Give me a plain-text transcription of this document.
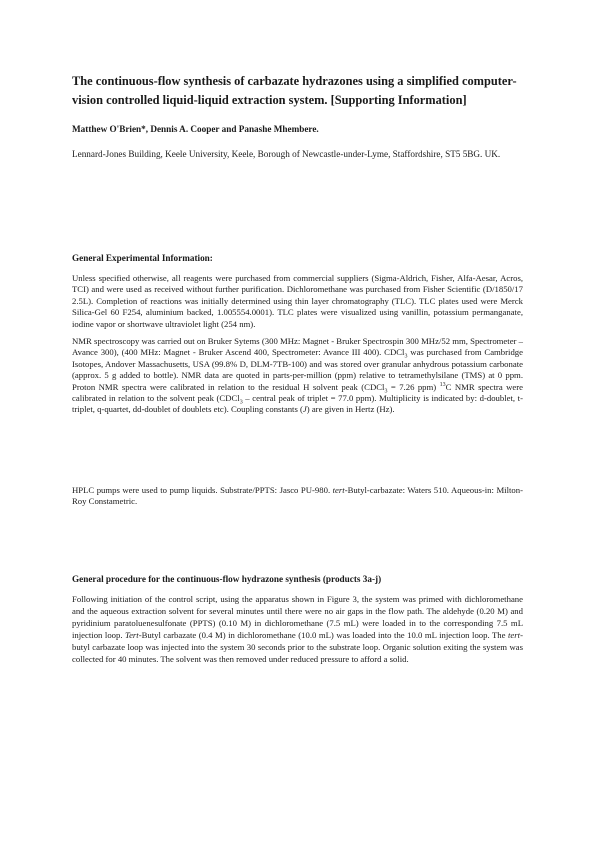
The continuous-flow synthesis of carbazate hydrazones using a simplified computer-vision controlled liquid-liquid extraction system. [Supporting Information]

Matthew O'Brien*, Dennis A. Cooper and Panashe Mhembere.
Lennard-Jones Building, Keele University, Keele, Borough of Newcastle-under-Lyme, Staffordshire, ST5 5BG. UK.
General Experimental Information:
Unless specified otherwise, all reagents were purchased from commercial suppliers (Sigma-Aldrich, Fisher, Alfa-Aesar, Acros, TCI) and were used as received without further purification. Dichloromethane was purchased from Fisher Scientific (D/1850/17 2.5L). Completion of reactions was initially determined using thin layer chromatography (TLC). TLC plates used were Merck Silica-Gel 60 F254, aluminium backed, 1.005554.0001). TLC plates were visualized using vanillin, potassium permanganate, iodine vapor or shortwave ultraviolet light (254 nm).
NMR spectroscopy was carried out on Bruker Sytems (300 MHz: Magnet - Bruker Spectrospin 300 MHz/52 mm, Spectrometer – Avance 300), (400 MHz: Magnet - Bruker Ascend 400, Spectrometer: Avance III 400). CDCl$_3$ was purchased from Cambridge Isotopes, Andover Massachusetts, USA (99.8% D, DLM-7TB-100) and was stored over granular anhydrous potassium carbonate (approx. 5 g added to bottle). NMR data are quoted in parts-per-million (ppm) relative to tetramethylsilane (TMS) at 0 ppm. Proton NMR spectra were calibrated in relation to the residual H solvent peak (CDCl$_3$ = 7.26 ppm) $^{13}$C NMR spectra were calibrated in relation to the solvent peak (CDCl$_3$ – central peak of triplet = 77.0 ppm). Multiplicity is indicated by: d-doublet, t-triplet, q-quartet, dd-doublet of doublets etc). Coupling constants (J) are given in Hertz (Hz).
HPLC pumps were used to pump liquids. Substrate/PPTS: Jasco PU-980. tert-Butyl-carbazate: Waters 510. Aqueous-in: Milton-Roy Constametric.
General procedure for the continuous-flow hydrazone synthesis (products 3a-j)
Following initiation of the control script, using the apparatus shown in Figure 3, the system was primed with dichloromethane and the aqueous extraction solvent for several minutes until there were no air gaps in the flow path. The aldehyde (0.20 M) and pyridinium paratoluenesulfonate (PPTS) (0.10 M) in dichloromethane (7.5 mL) were loaded in to the corresponding 7.5 mL injection loop. Tert-Butyl carbazate (0.4 M) in dichloromethane (10.0 mL) was loaded into the 10.0 mL injection loop. The tert-butyl carbazate loop was injected into the system 30 seconds prior to the substrate loop. Organic solution exiting the system was collected for 40 minutes. The solvent was then removed under reduced pressure to afford a solid.
